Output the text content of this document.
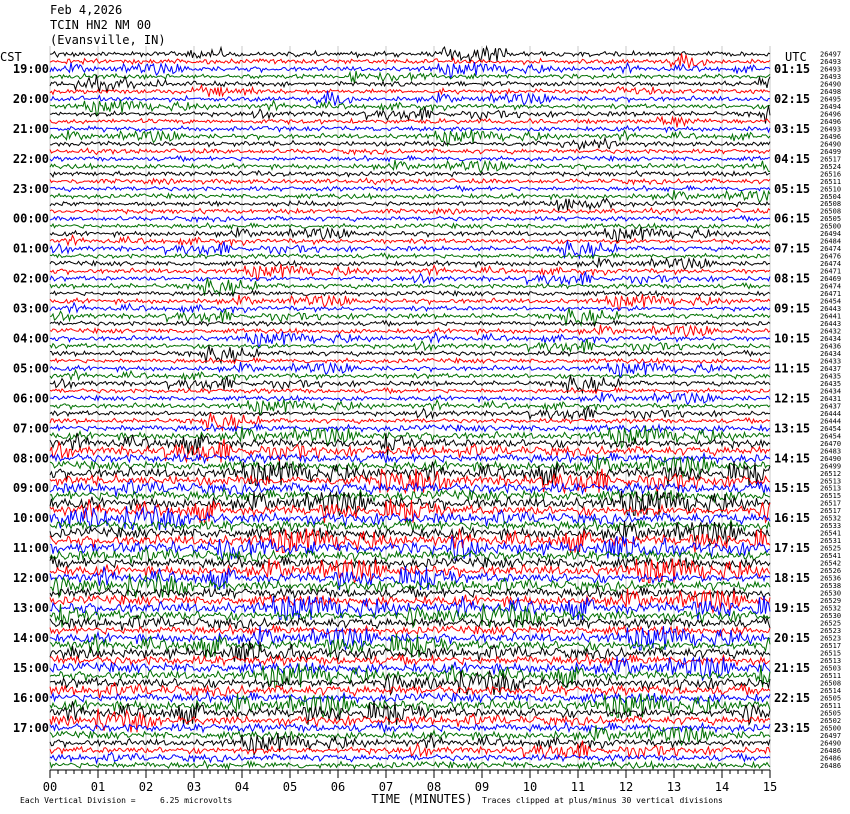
Feb 4,2026
TCIN HN2 NM 00
(Evansville, IN)
CST	UTC
19:00
20:00
21:00
22:00
23:00
00:00
01:00
02:00
03:00
04:00
05:00
06:00
07:00
08:00
09:00
10:00
11:00
12:00
13:00
14:00
15:00
16:00
17:00
01:15
02:15
03:15
04:15
05:15
06:15
07:15
08:15
09:15
10:15
11:15
12:15
13:15
14:15
15:15
16:15
17:15
18:15
19:15
20:15
21:15
22:15
23:15
26497
26493
26493
26493
26490
26498
26495
26494
26496
26496
26493
26496
26490
26499
26517
26524
26516
26511
26510
26504
26508
26508
26505
26500
26494
26484
26474
26476
26474
26471
26469
26474
26471
26454
26443
26441
26443
26432
26434
26436
26434
26433
26437
26435
26435
26434
26431
26437
26444
26444
26454
26454
26470
26483
26490
26499
26512
26513
26513
26515
26517
26517
26532
26533
26541
26531
26525
26541
26542
26526
26536
26538
26530
26529
26532
26530
26525
26523
26523
26517
26515
26513
26503
26511
26508
26514
26505
26511
26505
26502
26500
26497
26490
26486
26486
26486
00	01	02	03	04	05	06	07	08	09	10	11	12	13	14	15
TIME (MINUTES)
Each Vertical Division =	6.25 microvolts	Traces clipped at plus/minus 30 vertical divisions
